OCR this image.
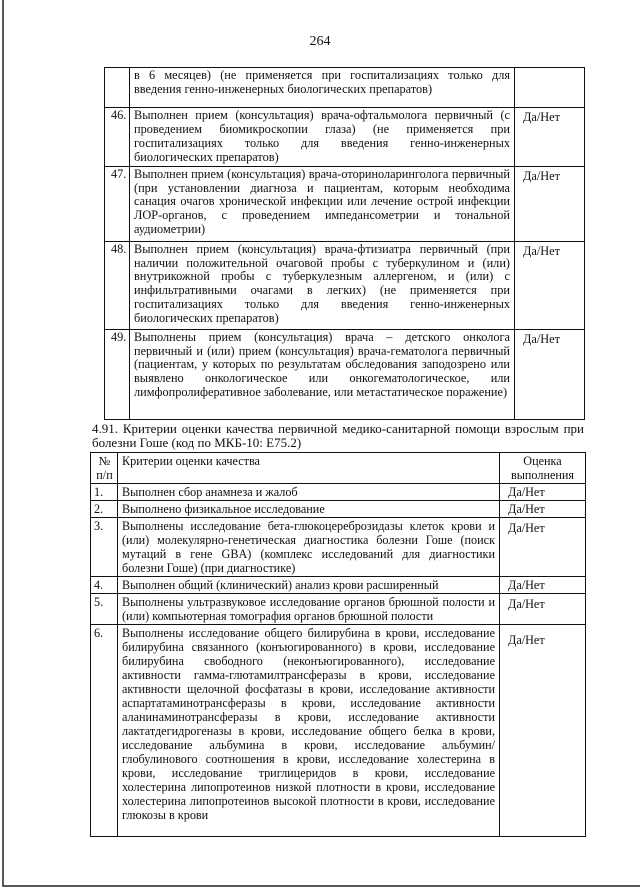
264
	в 6 месяцев) (не применяется при госпитализациях только для введения генно-инженерных биологических препаратов)	
46.	Выполнен прием (консультация) врача-офтальмолога первичный (с проведением биомикроскопии глаза) (не применяется при госпитализациях только для введения генно-инженерных биологических препаратов)	Да/Нет
47.	Выполнен прием (консультация) врача-оториноларинголога первичный (при установлении диагноза и пациентам, которым необходима санация очагов хронической инфекции или лечение острой инфекции ЛОР-органов, с проведением импедансометрии и тональной аудиометрии)	Да/Нет
48.	Выполнен прием (консультация) врача-фтизиатра первичный (при наличии положительной очаговой пробы с туберкулином и (или) внутрикожной пробы с туберкулезным аллергеном, и (или) с инфильтративными очагами в легких) (не применяется при госпитализациях только для введения генно-инженерных биологических препаратов)	Да/Нет
49.	Выполнены прием (консультация) врача – детского онколога первичный и (или) прием (консультация) врача-гематолога первичный (пациентам, у которых по результатам обследования заподозрено или выявлено онкологическое или онкогематологическое, или лимфопролиферативное заболевание, или метастатическое поражение)	Да/Нет
4.91. Критерии оценки качества первичной медико-санитарной помощи взрослым при болезни Гоше (код по МКБ-10: E75.2)
№ п/п	Критерии оценки качества	Оценка выполнения
1.	Выполнен сбор анамнеза и жалоб	Да/Нет
2.	Выполнено физикальное исследование	Да/Нет
3.	Выполнены исследование бета-глюкоцереброзидазы клеток крови и (или) молекулярно-генетическая диагностика болезни Гоше (поиск мутаций в гене GBA) (комплекс исследований для диагностики болезни Гоше) (при диагностике)	Да/Нет
4.	Выполнен общий (клинический) анализ крови расширенный	Да/Нет
5.	Выполнены ультразвуковое исследование органов брюшной полости и (или) компьютерная томография органов брюшной полости	Да/Нет
6.	Выполнены исследование общего билирубина в крови, исследование билирубина связанного (конъюгированного) в крови, исследование билирубина свободного (неконъюгированного), исследование активности гамма-глютамилтрансферазы в крови, исследование активности щелочной фосфатазы в крови, исследование активности аспартатаминотрансферазы в крови, исследование активности аланинаминотрансферазы в крови, исследование активности лактатдегидрогеназы в крови, исследование общего белка в крови, исследование альбумина в крови, исследование альбумин/глобулинового соотношения в крови, исследование холестерина в крови, исследование триглицеридов в крови, исследование холестерина липопротеинов низкой плотности в крови, исследование холестерина липопротеинов высокой плотности в крови, исследование глюкозы в крови	Да/Нет
